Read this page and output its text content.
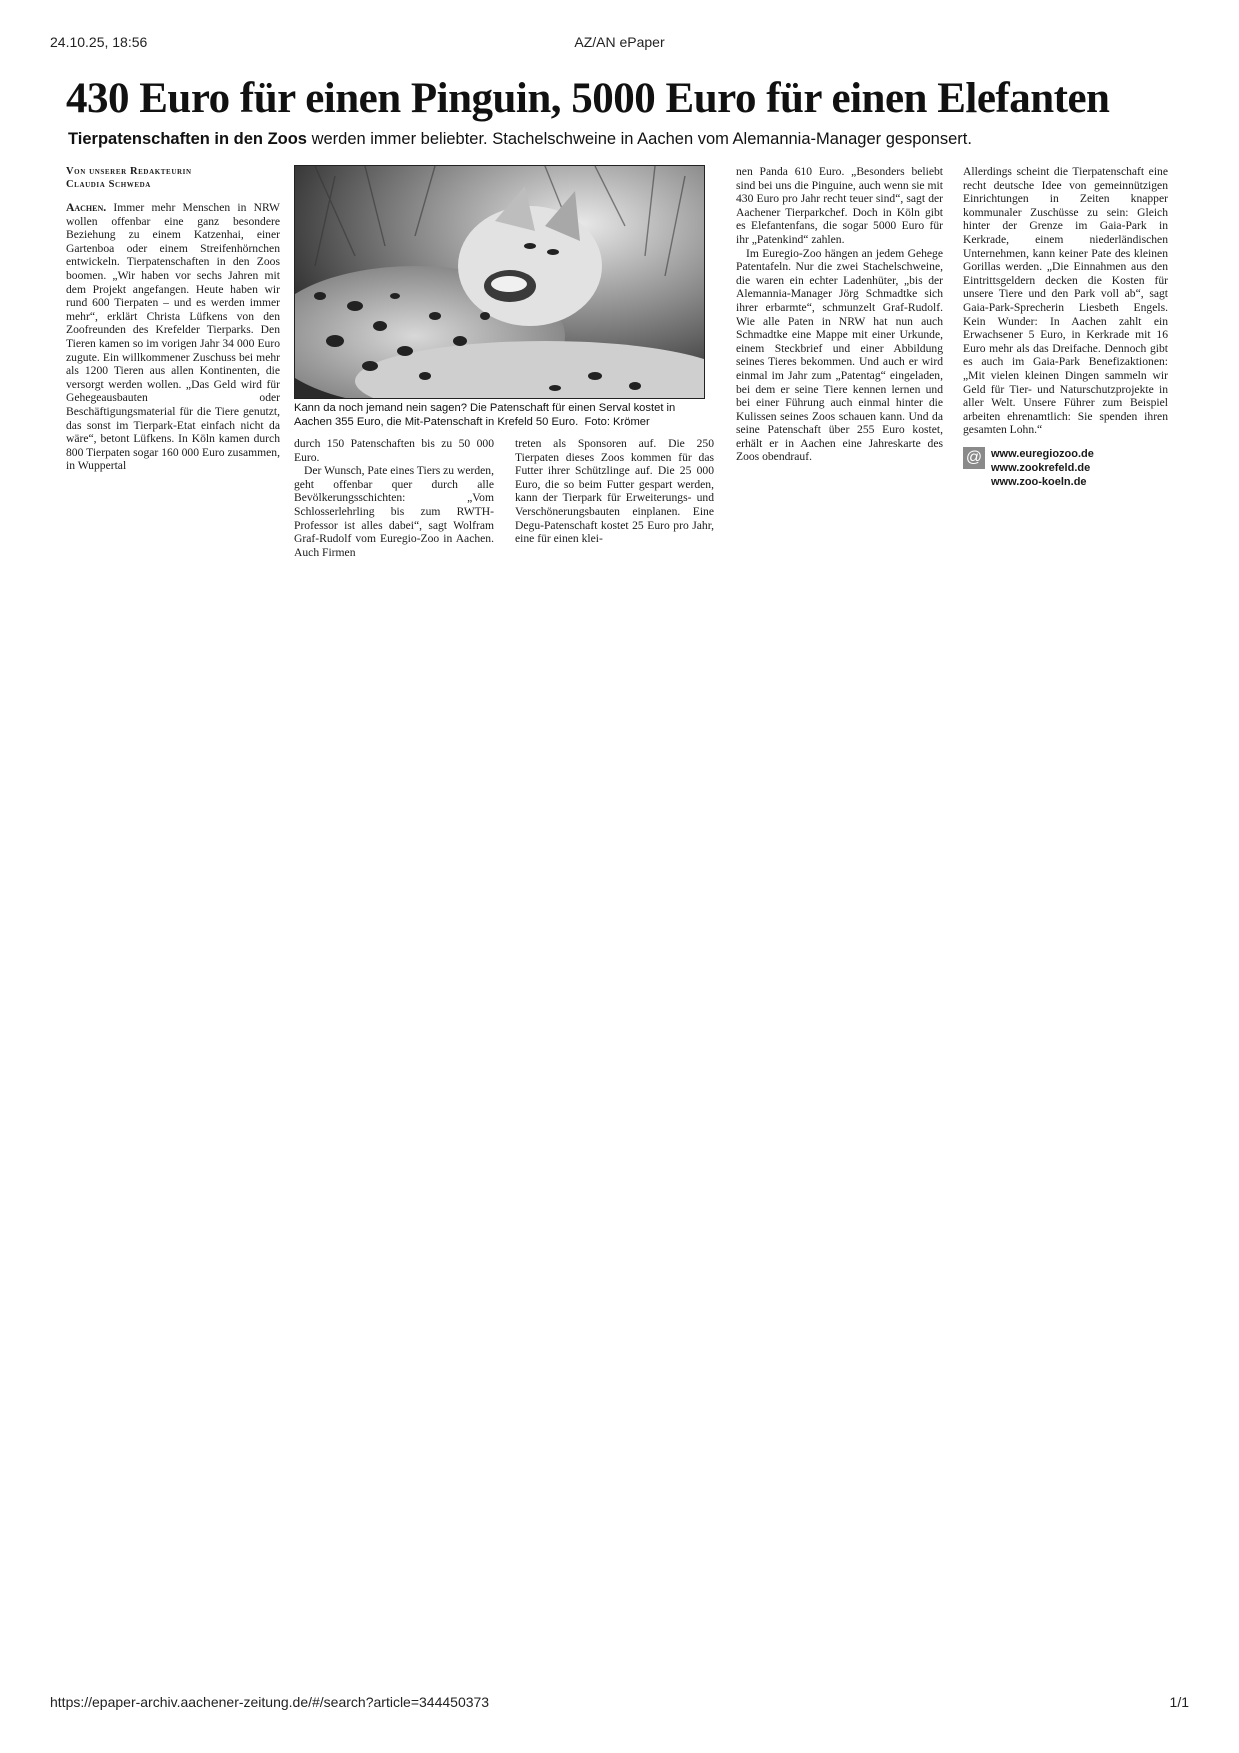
24.10.25, 18:56	AZ/AN ePaper
430 Euro für einen Pinguin, 5000 Euro für einen Elefanten
Tierpatenschaften in den Zoos werden immer beliebter. Stachelschweine in Aachen vom Alemannia-Manager gesponsert.
Von unserer Redakteurin
Claudia Schweda

Aachen. Immer mehr Menschen in NRW wollen offenbar eine ganz besondere Beziehung zu einem Katzenhai, einer Gartenboa oder einem Streifenhörnchen entwickeln. Tierpatenschaften in den Zoos boomen. „Wir haben vor sechs Jahren mit dem Projekt angefangen. Heute haben wir rund 600 Tierpaten – und es werden immer mehr“, erklärt Christa Lüfkens von den Zoofreunden des Krefelder Tierparks. Den Tieren kamen so im vorigen Jahr 34 000 Euro zugute. Ein willkommener Zuschuss bei mehr als 1200 Tieren aus allen Kontinenten, die versorgt werden wollen. „Das Geld wird für Gehegeausbauten oder Beschäftigungsmaterial für die Tiere genutzt, das sonst im Tierpark-Etat einfach nicht da wäre“, betont Lüfkens. In Köln kamen durch 800 Tierpaten sogar 160 000 Euro zusammen, in Wuppertal

Kann da noch jemand nein sagen? Die Patenschaft für einen Serval kostet in Aachen 355 Euro, die Mit-Patenschaft in Krefeld 50 Euro. Foto: Krömer

durch 150 Patenschaften bis zu 50 000 Euro.

Der Wunsch, Pate eines Tiers zu werden, geht offenbar quer durch alle Bevölkerungsschichten: „Vom Schlosserlehrling bis zum RWTH-Professor ist alles dabei“, sagt Wolfram Graf-Rudolf vom Euregio-Zoo in Aachen. Auch Firmen

treten als Sponsoren auf. Die 250 Tierpaten dieses Zoos kommen für das Futter ihrer Schützlinge auf. Die 25 000 Euro, die so beim Futter gespart werden, kann der Tierpark für Erweiterungs- und Verschönerungsbauten einplanen. Eine Degu-Patenschaft kostet 25 Euro pro Jahr, eine für einen klei-

nen Panda 610 Euro. „Besonders beliebt sind bei uns die Pinguine, auch wenn sie mit 430 Euro pro Jahr recht teuer sind“, sagt der Aachener Tierparkchef. Doch in Köln gibt es Elefantenfans, die sogar 5000 Euro für ihr „Patenkind“ zahlen.

Im Euregio-Zoo hängen an jedem Gehege Patentafeln. Nur die zwei Stachelschweine, die waren ein echter Ladenhüter, „bis der Alemannia-Manager Jörg Schmadtke sich ihrer erbarmte“, schmunzelt Graf-Rudolf. Wie alle Paten in NRW hat nun auch Schmadtke eine Mappe mit einer Urkunde, einem Steckbrief und einer Abbildung seines Tieres bekommen. Und auch er wird einmal im Jahr zum „Patentag“ eingeladen, bei dem er seine Tiere kennen lernen und bei einer Führung auch einmal hinter die Kulissen seines Zoos schauen kann. Und da seine Patenschaft über 255 Euro kostet, erhält er in Aachen eine Jahreskarte des Zoos obendrauf.

Allerdings scheint die Tierpatenschaft eine recht deutsche Idee von gemeinnützigen Einrichtungen in Zeiten knapper kommunaler Zuschüsse zu sein: Gleich hinter der Grenze im Gaia-Park in Kerkrade, einem niederländischen Unternehmen, kann keiner Pate des kleinen Gorillas werden. „Die Einnahmen aus den Eintrittsgeldern decken die Kosten für unsere Tiere und den Park voll ab“, sagt Gaia-Park-Sprecherin Liesbeth Engels. Kein Wunder: In Aachen zahlt ein Erwachsener 5 Euro, in Kerkrade mit 16 Euro mehr als das Dreifache. Dennoch gibt es auch im Gaia-Park Benefizaktionen: „Mit vielen kleinen Dingen sammeln wir Geld für Tier- und Naturschutzprojekte in aller Welt. Unsere Führer zum Beispiel arbeiten ehrenamtlich: Sie spenden ihren gesamten Lohn.“

@ www.euregiozoo.de
www.zookrefeld.de
www.zoo-koeln.de
https://epaper-archiv.aachener-zeitung.de/#/search?article=344450373	1/1
